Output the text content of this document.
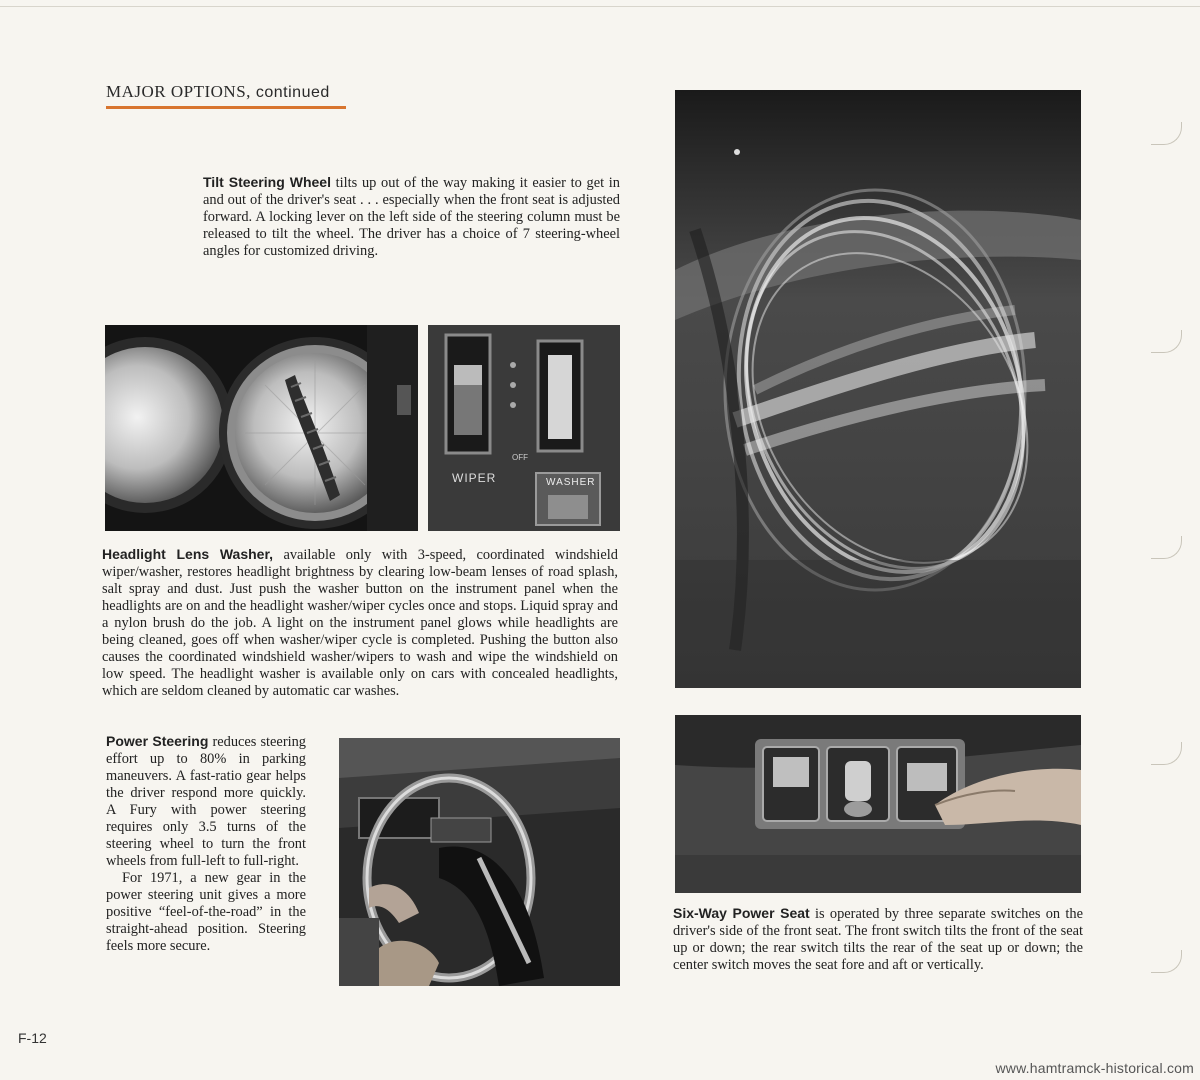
MAJOR OPTIONS, continued

Tilt Steering Wheel tilts up out of the way making it easier to get in and out of the driver's seat . . . especially when the front seat is adjusted forward. A locking lever on the left side of the steering column must be released to tilt the wheel. The driver has a choice of 7 steering-wheel angles for customized driving.

WIPER
OFF
WASHER

Headlight Lens Washer, available only with 3-speed, coordinated windshield wiper/washer, restores headlight brightness by clearing low-beam lenses of road splash, salt spray and dust. Just push the washer button on the instrument panel when the headlights are on and the headlight washer/wiper cycles once and stops. Liquid spray and a nylon brush do the job. A light on the instrument panel glows while headlights are being cleaned, goes off when washer/wiper cycle is completed. Pushing the button also causes the coordinated windshield washer/wipers to wash and wipe the windshield on low speed. The headlight washer is available only on cars with concealed headlights, which are seldom cleaned by automatic car washes.

Power Steering reduces steering effort up to 80% in parking maneuvers. A fast-ratio gear helps the driver respond more quickly. A Fury with power steering requires only 3.5 turns of the steering wheel to turn the front wheels from full-left to full-right.

For 1971, a new gear in the power steering unit gives a more positive “feel-of-the-road” in the straight-ahead position. Steering feels more secure.

Six-Way Power Seat is operated by three separate switches on the driver's side of the front seat. The front switch tilts the front of the seat up or down; the rear switch tilts the rear of the seat up or down; the center switch moves the seat fore and aft or vertically.

F-12
www.hamtramck-historical.com
